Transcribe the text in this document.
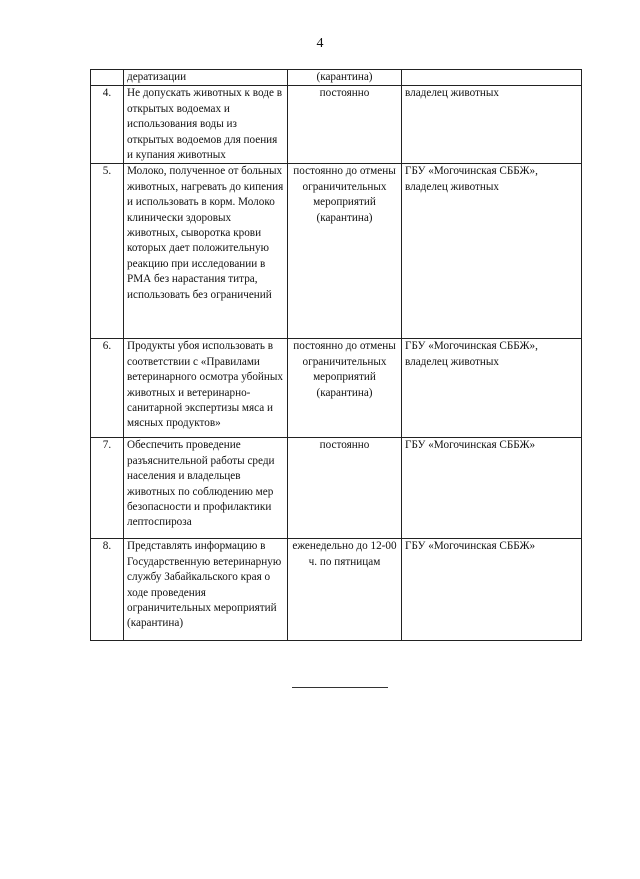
4
	дератизации	(карантина)	
4.	Не допускать животных к воде в открытых водоемах и использования воды из открытых водоемов для поения и купания животных	постоянно	владелец животных
5.	Молоко, полученное от больных животных, нагревать до кипения и использовать в корм. Молоко клинически здоровых животных, сыворотка крови которых дает положительную реакцию при исследовании в РМА без нарастания титра, использовать без ограничений	постоянно до отмены ограничительных мероприятий (карантина)	ГБУ «Могочинская СББЖ», владелец животных
6.	Продукты убоя использовать в соответствии с «Правилами ветеринарного осмотра убойных животных и ветеринарно-санитарной экспертизы мяса и мясных продуктов»	постоянно до отмены ограничительных мероприятий (карантина)	ГБУ «Могочинская СББЖ», владелец животных
7.	Обеспечить проведение разъяснительной работы среди населения и владельцев животных по соблюдению мер безопасности и профилактики лептоспироза	постоянно	ГБУ «Могочинская СББЖ»
8.	Представлять информацию в Государственную ветеринарную службу Забайкальского края о ходе проведения ограничительных мероприятий (карантина)	еженедельно до 12-00 ч. по пятницам	ГБУ «Могочинская СББЖ»
